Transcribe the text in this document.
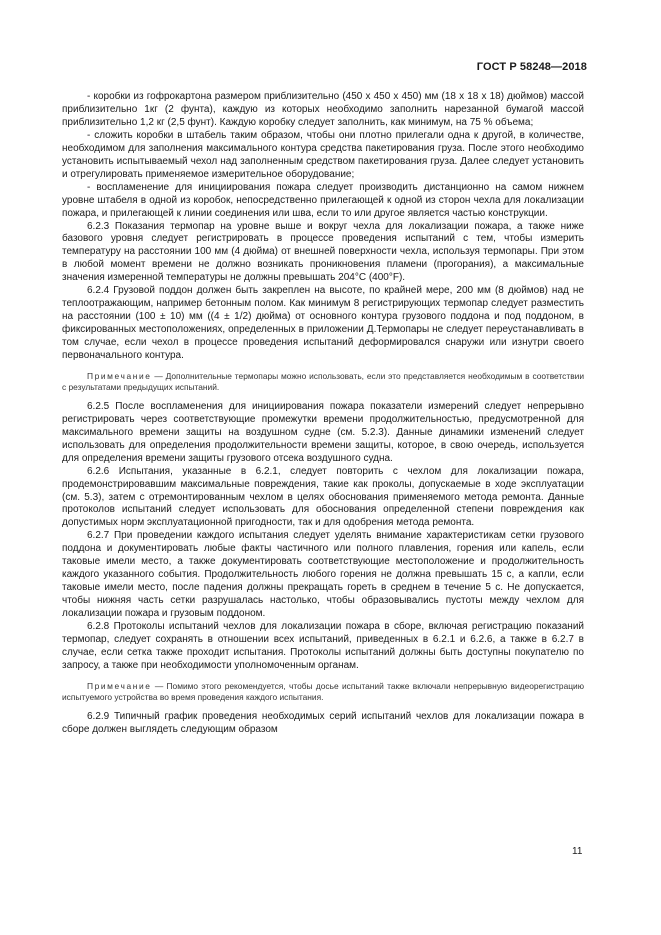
ГОСТ Р 58248—2018

- коробки из гофрокартона размером приблизительно (450 x 450 x 450) мм (18 x 18 x 18) дюймов) массой приблизительно 1кг (2 фунта), каждую из которых необходимо заполнить нарезанной бумагой массой приблизительно 1,2 кг (2,5 фунт). Каждую коробку следует заполнить, как минимум, на 75 % объема;

- сложить коробки в штабель таким образом, чтобы они плотно прилегали одна к другой, в количестве, необходимом для заполнения максимального контура средства пакетирования груза. После этого необходимо установить испытываемый чехол над заполненным средством пакетирования груза. Далее следует установить и отрегулировать применяемое измерительное оборудование;

- воспламенение для инициирования пожара следует производить дистанционно на самом нижнем уровне штабеля в одной из коробок, непосредственно прилегающей к одной из сторон чехла для локализации пожара, и прилегающей к линии соединения или шва, если то или другое является частью конструкции.

6.2.3 Показания термопар на уровне выше и вокруг чехла для локализации пожара, а также ниже базового уровня следует регистрировать в процессе проведения испытаний с тем, чтобы измерить температуру на расстоянии 100 мм (4 дюйма) от внешней поверхности чехла, используя термопары. При этом в любой момент времени не должно возникать проникновения пламени (прогорания), а максимальные значения измеренной температуры не должны превышать 204°C (400°F).

6.2.4 Грузовой поддон должен быть закреплен на высоте, по крайней мере, 200 мм (8 дюймов) над не теплоотражающим, например бетонным полом. Как минимум 8 регистрирующих термопар следует разместить на расстоянии (100 ± 10) мм ((4 ± 1/2) дюйма) от основного контура грузового поддона и под поддоном, в фиксированных местоположениях, определенных в приложении Д.Термопары не следует переустанавливать в том случае, если чехол в процессе проведения испытаний деформировался снаружи или изнутри своего первоначального контура.

Примечание — Дополнительные термопары можно использовать, если это представляется необходимым в соответствии с результатами предыдущих испытаний.

6.2.5 После воспламенения для инициирования пожара показатели измерений следует непрерывно регистрировать через соответствующие промежутки времени продолжительностью, предусмотренной для максимального времени защиты на воздушном судне (см. 5.2.3). Данные динамики изменений следует использовать для определения продолжительности времени защиты, которое, в свою очередь, используется для определения времени защиты грузового отсека воздушного судна.

6.2.6 Испытания, указанные в 6.2.1, следует повторить с чехлом для локализации пожара, продемонстрировавшим максимальные повреждения, такие как проколы, допускаемые в ходе эксплуатации (см. 5.3), затем с отремонтированным чехлом в целях обоснования применяемого метода ремонта. Данные протоколов испытаний следует использовать для обоснования определенной степени повреждения как допустимых норм эксплуатационной пригодности, так и для одобрения метода ремонта.

6.2.7 При проведении каждого испытания следует уделять внимание характеристикам сетки грузового поддона и документировать любые факты частичного или полного плавления, горения или капель, если таковые имели место, а также документировать соответствующие местоположение и продолжительность каждого указанного события. Продолжительность любого горения не должна превышать 15 с, а капли, если таковые имели место, после падения должны прекращать гореть в среднем в течение 5 с. Не допускается, чтобы нижняя часть сетки разрушалась настолько, чтобы образовывались пустоты между чехлом для локализации пожара и грузовым поддоном.

6.2.8 Протоколы испытаний чехлов для локализации пожара в сборе, включая регистрацию показаний термопар, следует сохранять в отношении всех испытаний, приведенных в 6.2.1 и 6.2.6, а также в 6.2.7 в случае, если сетка также проходит испытания. Протоколы испытаний должны быть доступны покупателю по запросу, а также при необходимости уполномоченным органам.

Примечание — Помимо этого рекомендуется, чтобы досье испытаний также включали непрерывную видеорегистрацию испытуемого устройства во время проведения каждого испытания.

6.2.9 Типичный график проведения необходимых серий испытаний чехлов для локализации пожара в сборе должен выглядеть следующим образом

11
